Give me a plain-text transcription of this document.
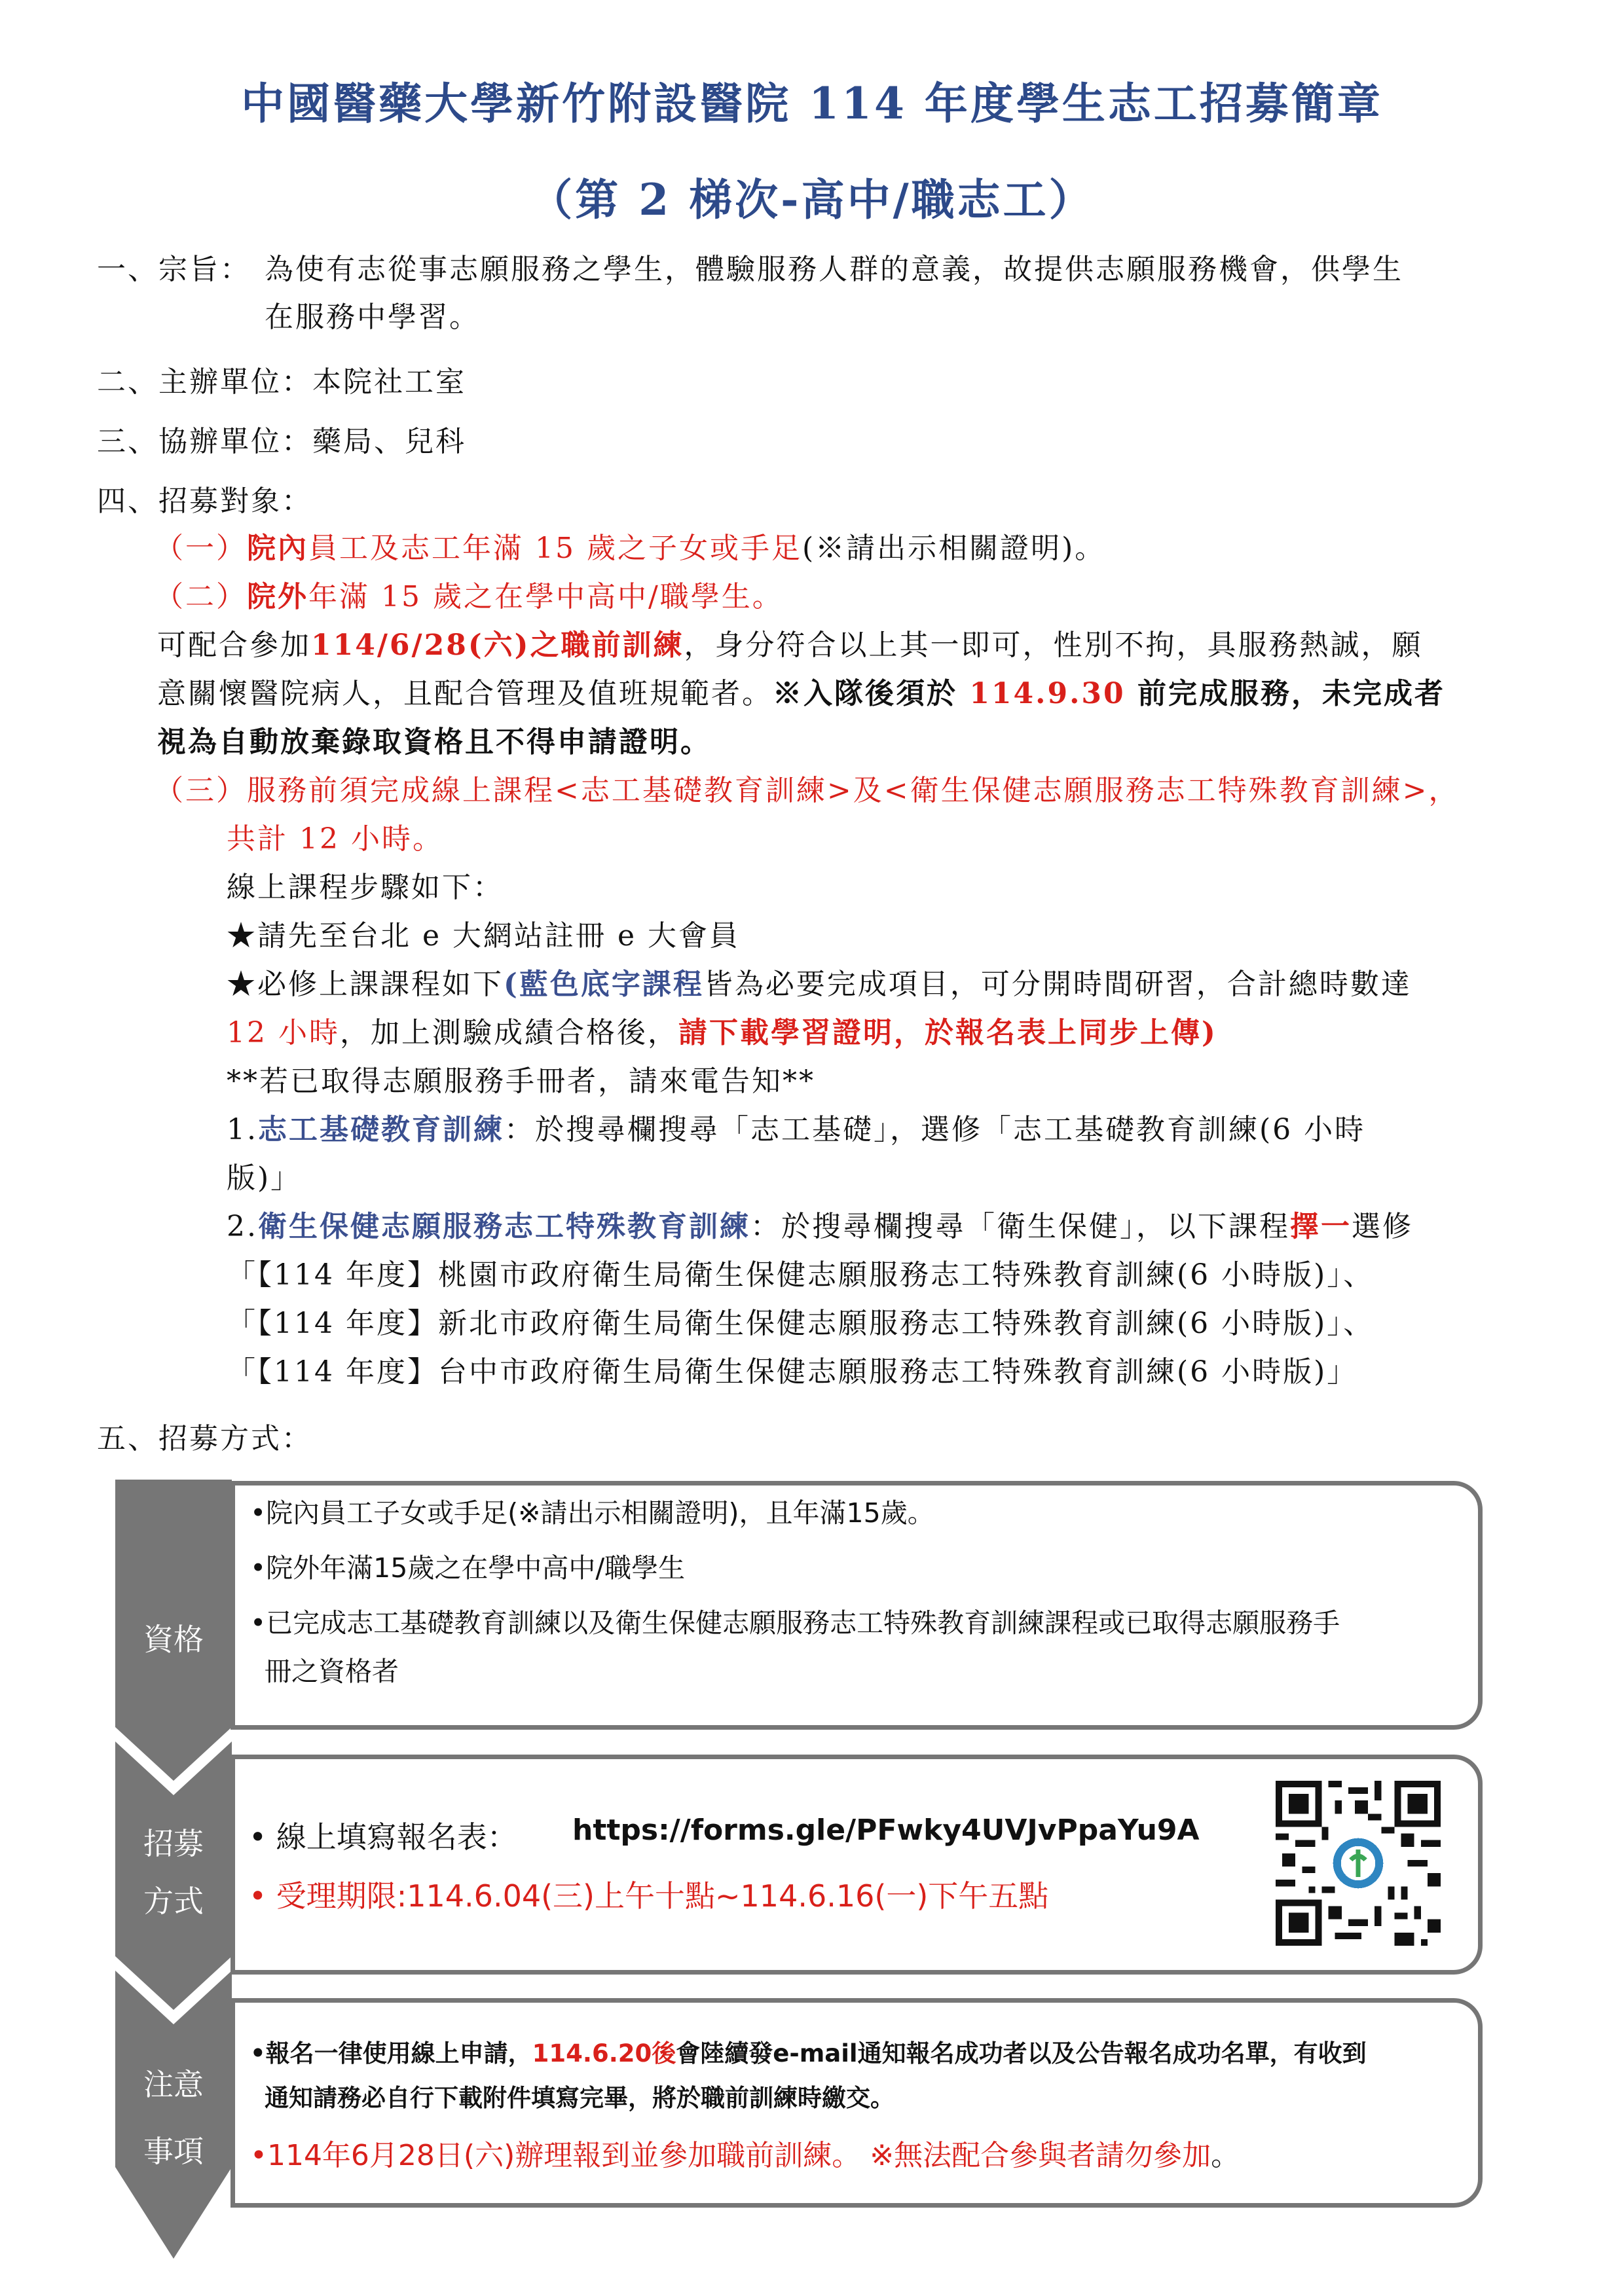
中國醫藥大學新竹附設醫院 114 年度學生志工招募簡章
（第 2 梯次-高中/職志工）
一、宗旨： 為使有志從事志願服務之學生，體驗服務人群的意義，故提供志願服務機會，供學生
在服務中學習。
二、主辦單位：本院社工室
三、協辦單位：藥局、兒科
四、招募對象：
（一）院內員工及志工年滿 15 歲之子女或手足(※請出示相關證明)。
（二）院外年滿 15 歲之在學中高中/職學生。
可配合參加114/6/28(六)之職前訓練，身分符合以上其一即可，性別不拘，具服務熱誠，願
意關懷醫院病人，且配合管理及值班規範者。※入隊後須於 114.9.30 前完成服務，未完成者
視為自動放棄錄取資格且不得申請證明。
（三）服務前須完成線上課程<志工基礎教育訓練>及<衛生保健志願服務志工特殊教育訓練>，
共計 12 小時。
線上課程步驟如下：
★請先至台北 e 大網站註冊 e 大會員
★必修上課課程如下(藍色底字課程皆為必要完成項目，可分開時間研習，合計總時數達
12 小時，加上測驗成績合格後，請下載學習證明，於報名表上同步上傳)
**若已取得志願服務手冊者，請來電告知**
1.志工基礎教育訓練：於搜尋欄搜尋「志工基礎」，選修「志工基礎教育訓練(6 小時
版)」
2.衛生保健志願服務志工特殊教育訓練：於搜尋欄搜尋「衛生保健」，以下課程擇一選修
「【114 年度】桃園市政府衛生局衛生保健志願服務志工特殊教育訓練(6 小時版)」、
「【114 年度】新北市政府衛生局衛生保健志願服務志工特殊教育訓練(6 小時版)」、
「【114 年度】台中市政府衛生局衛生保健志願服務志工特殊教育訓練(6 小時版)」
五、招募方式：
資格
招募
方式
注意
事項
•院內員工子女或手足(※請出示相關證明)，且年滿15歲。
•院外年滿15歲之在學中高中/職學生
•已完成志工基礎教育訓練以及衛生保健志願服務志工特殊教育訓練課程或已取得志願服務手
冊之資格者
• 線上填寫報名表： https://forms.gle/PFwky4UVJvPpaYu9A
• 受理期限:114.6.04(三)上午十點~114.6.16(一)下午五點
•報名一律使用線上申請，114.6.20後會陸續發e-mail通知報名成功者以及公告報名成功名單，有收到
通知請務必自行下載附件填寫完畢，將於職前訓練時繳交。
•114年6月28日(六)辦理報到並參加職前訓練。 ※無法配合參與者請勿參加。
